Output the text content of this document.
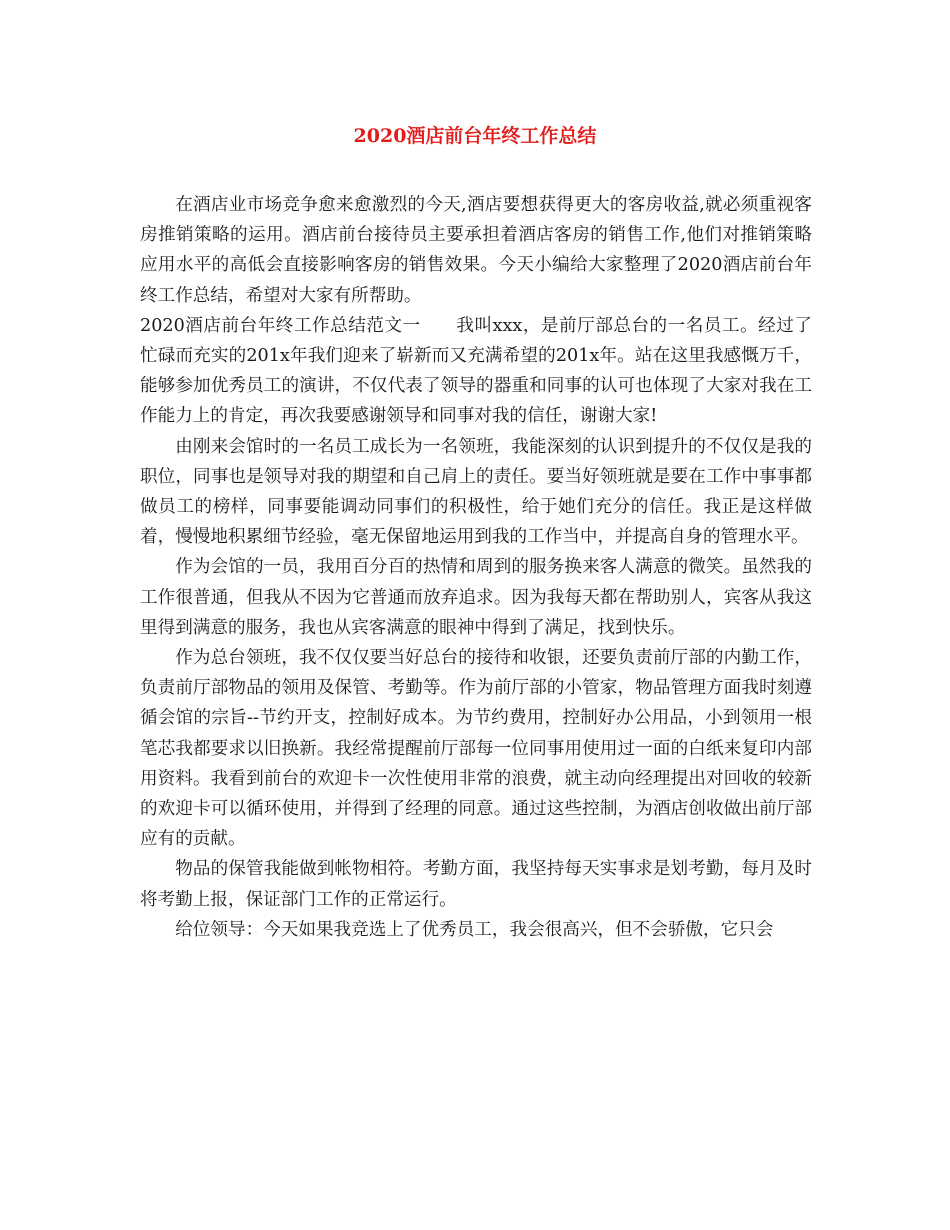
2020酒店前台年终工作总结

在酒店业市场竞争愈来愈激烈的今天,酒店要想获得更大的客房收益,就必须重视客房推销策略的运用。酒店前台接待员主要承担着酒店客房的销售工作,他们对推销策略应用水平的高低会直接影响客房的销售效果。今天小编给大家整理了2020酒店前台年终工作总结，希望对大家有所帮助。

2020酒店前台年终工作总结范文一 我叫xxx，是前厅部总台的一名员工。经过了忙碌而充实的201x年我们迎来了崭新而又充满希望的201x年。站在这里我感慨万千，能够参加优秀员工的演讲，不仅代表了领导的器重和同事的认可也体现了大家对我在工作能力上的肯定，再次我要感谢领导和同事对我的信任，谢谢大家!

由刚来会馆时的一名员工成长为一名领班，我能深刻的认识到提升的不仅仅是我的职位，同事也是领导对我的期望和自己肩上的责任。要当好领班就是要在工作中事事都做员工的榜样，同事要能调动同事们的积极性，给于她们充分的信任。我正是这样做着，慢慢地积累细节经验，毫无保留地运用到我的工作当中，并提高自身的管理水平。

作为会馆的一员，我用百分百的热情和周到的服务换来客人满意的微笑。虽然我的工作很普通，但我从不因为它普通而放弃追求。因为我每天都在帮助别人，宾客从我这里得到满意的服务，我也从宾客满意的眼神中得到了满足，找到快乐。

作为总台领班，我不仅仅要当好总台的接待和收银，还要负责前厅部的内勤工作，负责前厅部物品的领用及保管、考勤等。作为前厅部的小管家，物品管理方面我时刻遵循会馆的宗旨--节约开支，控制好成本。为节约费用，控制好办公用品，小到领用一根笔芯我都要求以旧换新。我经常提醒前厅部每一位同事用使用过一面的白纸来复印内部用资料。我看到前台的欢迎卡一次性使用非常的浪费，就主动向经理提出对回收的较新的欢迎卡可以循环使用，并得到了经理的同意。通过这些控制，为酒店创收做出前厅部应有的贡献。

物品的保管我能做到帐物相符。考勤方面，我坚持每天实事求是划考勤，每月及时将考勤上报，保证部门工作的正常运行。

给位领导：今天如果我竞选上了优秀员工，我会很高兴，但不会骄傲，它只会
